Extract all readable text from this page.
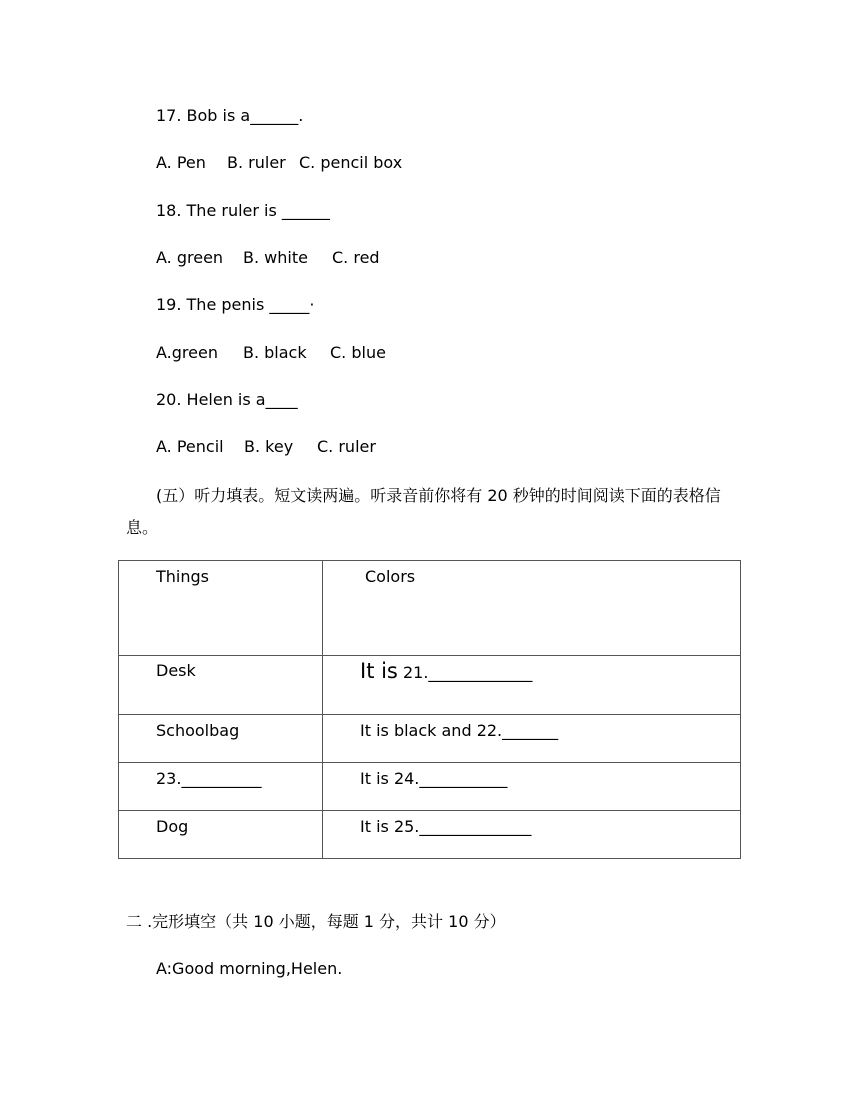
17. Bob is a______.
A. Pen B. ruler C. pencil box
18. The ruler is ______
A. green B. white C. red
19. The penis _____·
A.green B. black C. blue
20. Helen is a____
A. Pencil B. key C. ruler
(五）听力填表。短文读两遍。听录音前你将有 20 秒钟的时间阅读下面的表格信息。
Things	Colors
Desk	It is 21._____________
Schoolbag	It is black and 22._______
23.__________	It is 24.___________
Dog	It is 25.______________
二 .完形填空（共 10 小题，每题 1 分，共计 10 分）
A:Good morning,Helen.
